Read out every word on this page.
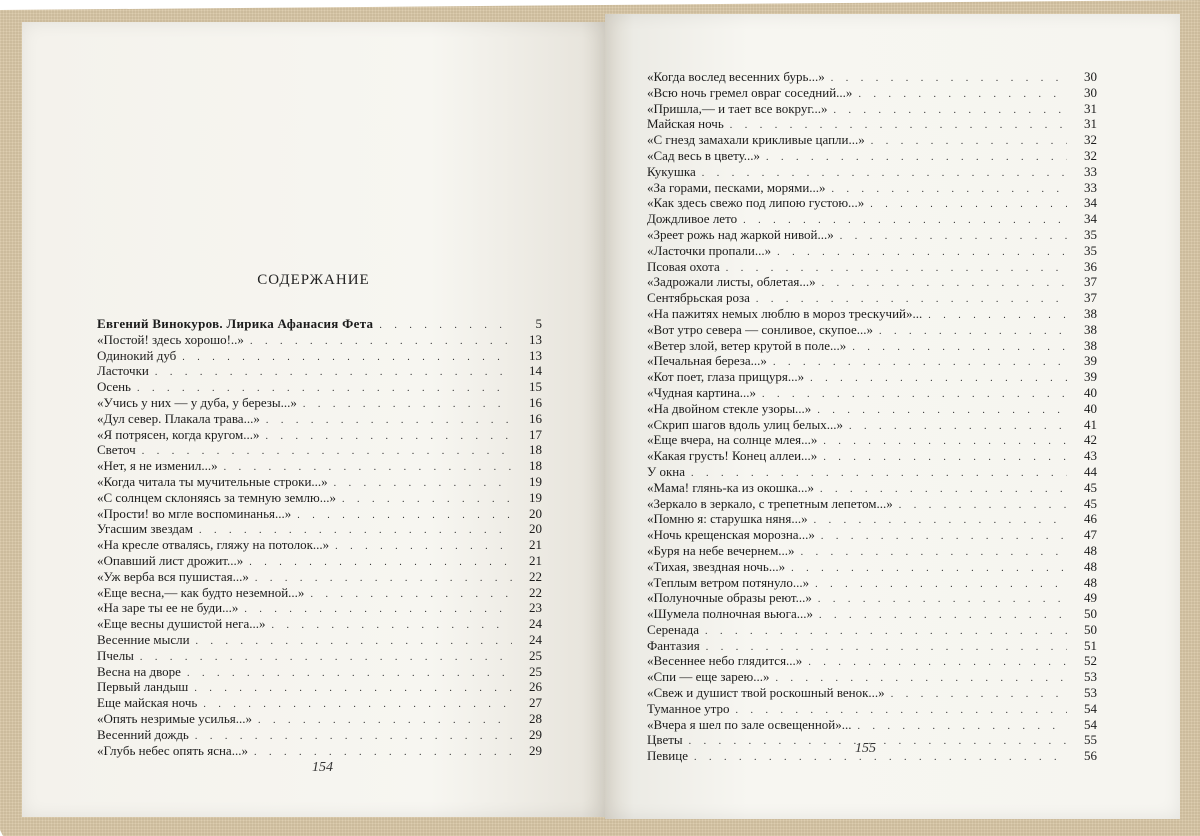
СОДЕРЖАНИЕ
Евгений Винокуров. Лирика Афанасия Фета . . .	5
«Постой! здесь хорошо!..» . . .	13
Одинокий дуб . . .	13
Ласточки . . .	14
Осень . . .	15
«Учись у них — у дуба, у березы...» . . .	16
«Дул север. Плакала трава...» . . .	16
«Я потрясен, когда кругом...» . . .	17
Светоч . . .	18
«Нет, я не изменил...» . . .	18
«Когда читала ты мучительные строки...» . . .	19
«С солнцем склоняясь за темную землю...» . . .	19
«Прости! во мгле воспоминанья...» . . .	20
Угасшим звездам . . .	20
«На кресле отвалясь, гляжу на потолок...» . . .	21
«Опавший лист дрожит...» . . .	21
«Уж верба вся пушистая...» . . .	22
«Еще весна,— как будто неземной...» . . .	22
«На заре ты ее не буди...» . . .	23
«Еще весны душистой нега...» . . .	24
Весенние мысли . . .	24
Пчелы . . .	25
Весна на дворе . . .	25
Первый ландыш . . .	26
Еще майская ночь . . .	27
«Опять незримые усилья...» . . .	28
Весенний дождь . . .	29
«Глубь небес опять ясна...» . . .	29
154
«Когда вослед весенних бурь...» . . .	30
«Всю ночь гремел овраг соседний...» . . .	30
«Пришла,— и тает все вокруг...» . . .	31
Майская ночь . . .	31
«С гнезд замахали крикливые цапли...» . . .	32
«Сад весь в цвету...» . . .	32
Кукушка . . .	33
«За горами, песками, морями...» . . .	33
«Как здесь свежо под липою густою...» . . .	34
Дождливое лето . . .	34
«Зреет рожь над жаркой нивой...» . . .	35
«Ласточки пропали...» . . .	35
Псовая охота . . .	36
«Задрожали листы, облетая...» . . .	37
Сентябрьская роза . . .	37
«На пажитях немых люблю в мороз трескучий»... . . .	38
«Вот утро севера — сонливое, скупое...» . . .	38
«Ветер злой, ветер крутой в поле...» . . .	38
«Печальная береза...» . . .	39
«Кот поет, глаза прищуря...» . . .	39
«Чудная картина...» . . .	40
«На двойном стекле узоры...» . . .	40
«Скрип шагов вдоль улиц белых...» . . .	41
«Еще вчера, на солнце млея...» . . .	42
«Какая грусть! Конец аллеи...» . . .	43
У окна . . .	44
«Мама! глянь-ка из окошка...» . . .	45
«Зеркало в зеркало, с трепетным лепетом...» . . .	45
«Помню я: старушка няня...» . . .	46
«Ночь крещенская морозна...» . . .	47
«Буря на небе вечернем...» . . .	48
«Тихая, звездная ночь...» . . .	48
«Теплым ветром потянуло...» . . .	48
«Полуночные образы реют...» . . .	49
«Шумела полночная вьюга...» . . .	50
Серенада . . .	50
Фантазия . . .	51
«Весеннее небо глядится...» . . .	52
«Спи — еще зарею...» . . .	53
«Свеж и душист твой роскошный венок...» . . .	53
Туманное утро . . .	54
«Вчера я шел по зале освещенной»... . . .	54
Цветы . . .	55
Певице . . .	56
155
